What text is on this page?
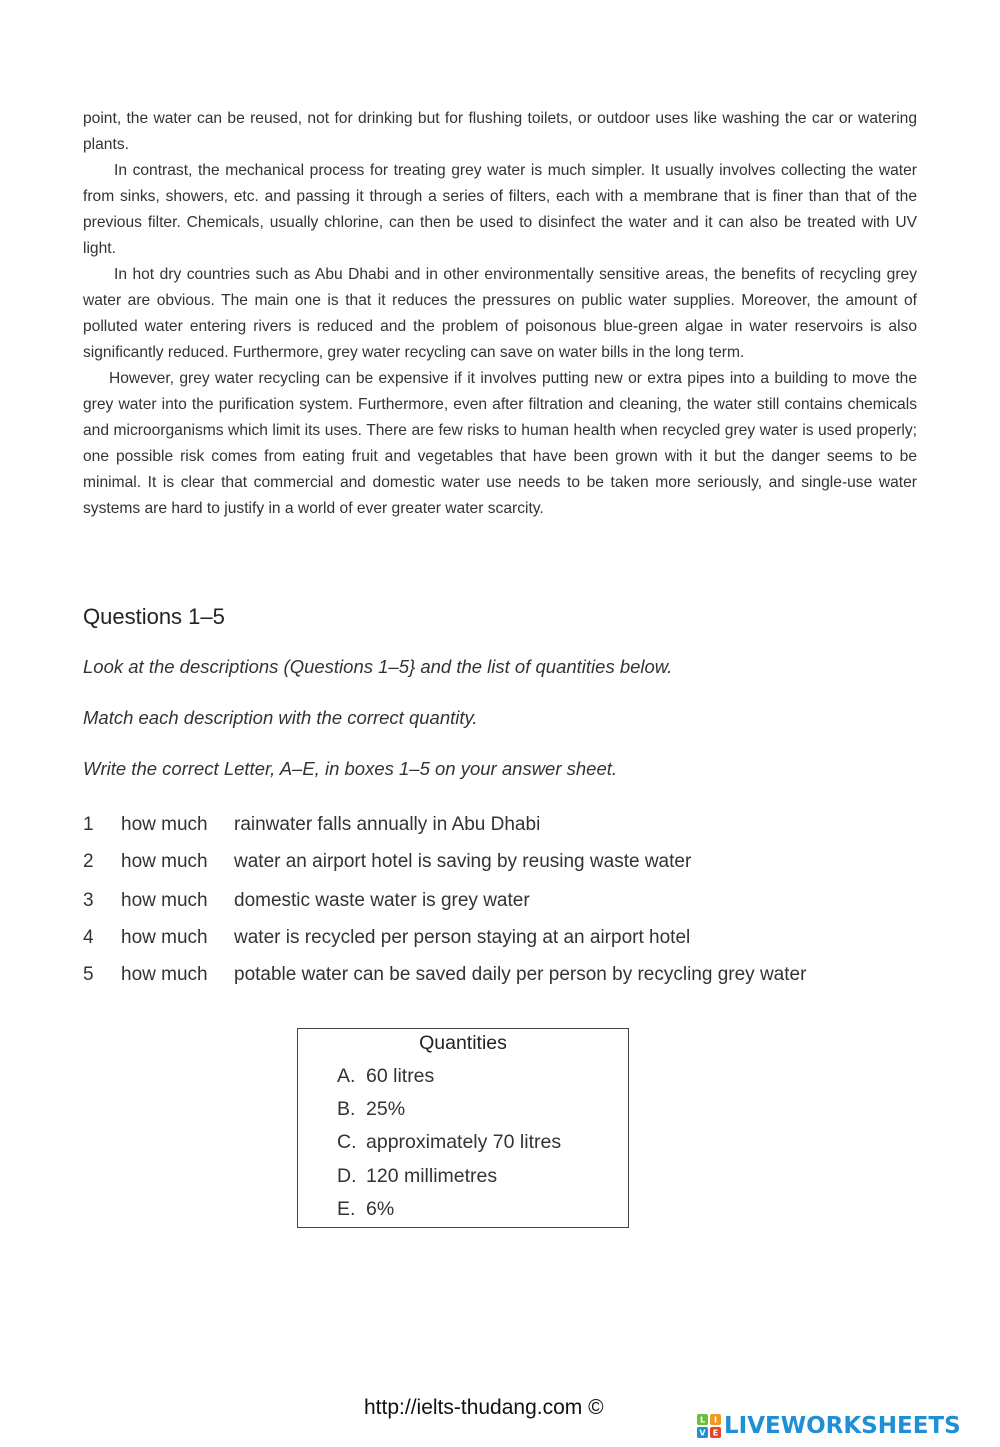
point, the water can be reused, not for drinking but for flushing toilets, or outdoor uses like washing the car or watering plants.

In contrast, the mechanical process for treating grey water is much simpler. It usually involves collecting the water from sinks, showers, etc. and passing it through a series of filters, each with a membrane that is finer than that of the previous filter. Chemicals, usually chlorine, can then be used to disinfect the water and it can also be treated with UV light.

In hot dry countries such as Abu Dhabi and in other environmentally sensitive areas, the benefits of recycling grey water are obvious. The main one is that it reduces the pressures on public water supplies. Moreover, the amount of polluted water entering rivers is reduced and the problem of poisonous blue-green algae in water reservoirs is also significantly reduced. Furthermore, grey water recycling can save on water bills in the long term.

However, grey water recycling can be expensive if it involves putting new or extra pipes into a building to move the grey water into the purification system. Furthermore, even after filtration and cleaning, the water still contains chemicals and microorganisms which limit its uses. There are few risks to human health when recycled grey water is used properly; one possible risk comes from eating fruit and vegetables that have been grown with it but the danger seems to be minimal. It is clear that commercial and domestic water use needs to be taken more seriously, and single-use water systems are hard to justify in a world of ever greater water scarcity.

Questions 1–5

Look at the descriptions (Questions 1–5} and the list of quantities below.

Match each description with the correct quantity.

Write the correct Letter, A–E, in boxes 1–5 on your answer sheet.

1 how much rainwater falls annually in Abu Dhabi
2 how much water an airport hotel is saving by reusing waste water
3 how much domestic waste water is grey water
4 how much water is recycled per person staying at an airport hotel
5 how much potable water can be saved daily per person by recycling grey water
Quantities
A. 60 litres
B. 25%
C. approximately 70 litres
D. 120 millimetres
E. 6%
http://ielts-thudang.com ©
L I
V E LIVEWORKSHEETS
